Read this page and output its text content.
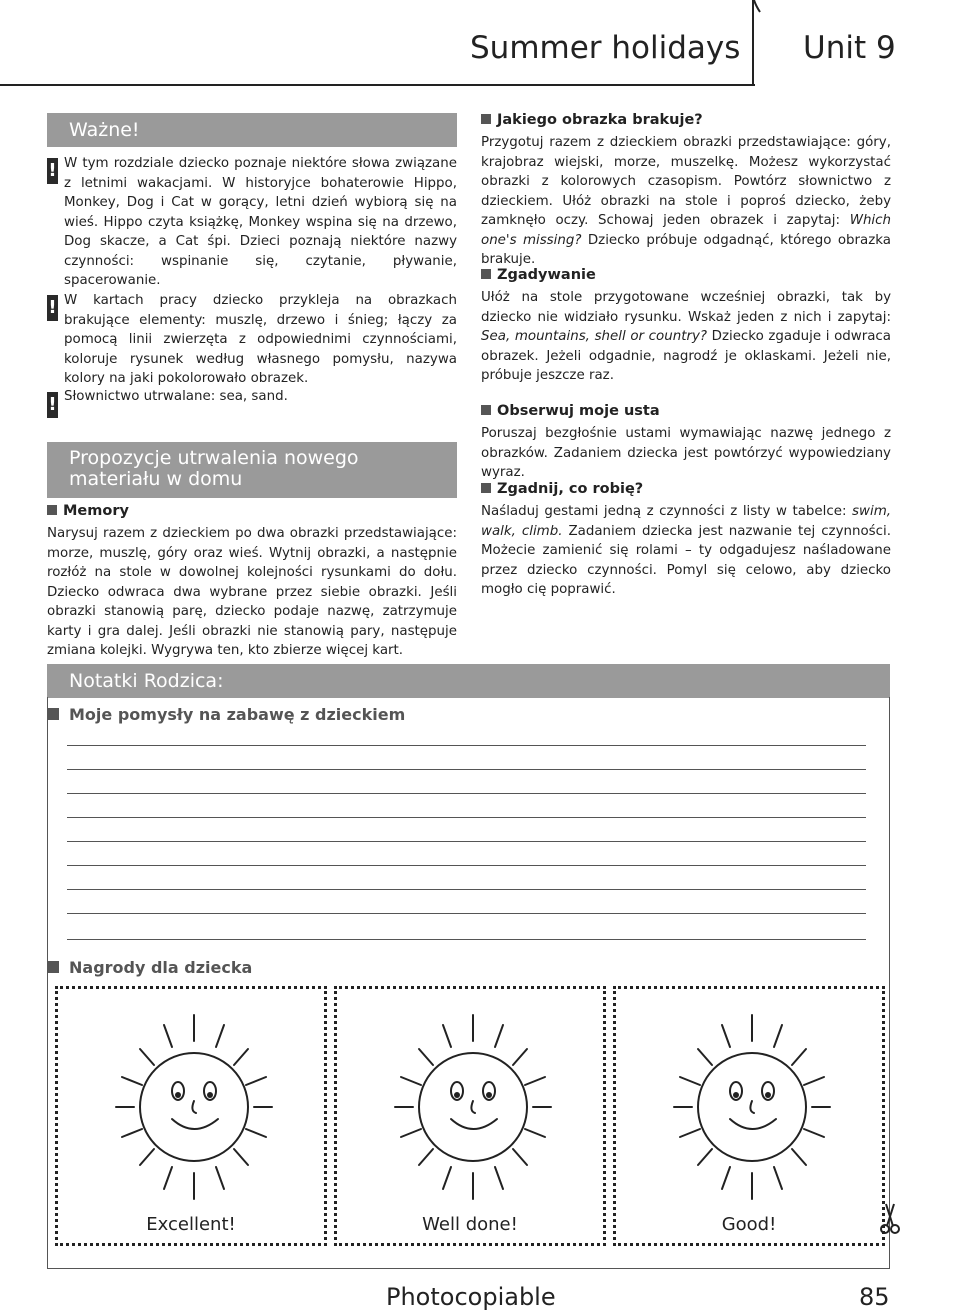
Summer holidays Unit 9
Ważne!
! W tym rozdziale dziecko poznaje niektóre słowa związane z letnimi wakacjami. W historyjce bohaterowie Hippo, Monkey, Dog i Cat w gorący, letni dzień wybiorą się na wieś. Hippo czyta książkę, Monkey wspina się na drzewo, Dog skacze, a Cat śpi. Dzieci poznają niektóre nazwy czynności: wspinanie się, czytanie, pływanie, spacerowanie.
! W kartach pracy dziecko przykleja na obrazkach brakujące elementy: muszlę, drzewo i śnieg; łączy za pomocą linii zwierzęta z odpowiednimi czynnościami, koloruje rysunek według własnego pomysłu, nazywa kolory na jaki pokolorowało obrazek.
! Słownictwo utrwalane: sea, sand.
Propozycje utrwalenia nowego
materiału w domu
Memory
Narysuj razem z dzieckiem po dwa obrazki przedstawiające: morze, muszlę, góry oraz wieś. Wytnij obrazki, a następnie rozłóż na stole w dowolnej kolejności rysunkami do dołu. Dziecko odwraca dwa wybrane przez siebie obrazki. Jeśli obrazki stanowią parę, dziecko podaje nazwę, zatrzymuje karty i gra dalej. Jeśli obrazki nie stanowią pary, następuje zmiana kolejki. Wygrywa ten, kto zbierze więcej kart.
Jakiego obrazka brakuje?
Przygotuj razem z dzieckiem obrazki przedstawiające: góry, krajobraz wiejski, morze, muszelkę. Możesz wykorzystać obrazki z kolorowych czasopism. Powtórz słownictwo z dzieckiem. Ułóż obrazki na stole i poproś dziecko, żeby zamknęło oczy. Schowaj jeden obrazek i zapytaj: Which one's missing? Dziecko próbuje odgadnąć, którego obrazka brakuje.
Zgadywanie
Ułóż na stole przygotowane wcześniej obrazki, tak by dziecko nie widziało rysunku. Wskaż jeden z nich i zapytaj: Sea, mountains, shell or country? Dziecko zgaduje i odwraca obrazek. Jeżeli odgadnie, nagrodź je oklaskami. Jeżeli nie, próbuje jeszcze raz.
Obserwuj moje usta
Poruszaj bezgłośnie ustami wymawiając nazwę jednego z obrazków. Zadaniem dziecka jest powtórzyć wypowiedziany wyraz.
Zgadnij, co robię?
Naśladuj gestami jedną z czynności z listy w tabelce: swim, walk, climb. Zadaniem dziecka jest nazwanie tej czynności. Możecie zamienić się rolami – ty odgadujesz naśladowane przez dziecko czynności. Pomyl się celowo, aby dziecko mogło cię poprawić.
Notatki Rodzica:
Moje pomysły na zabawę z dzieckiem
Nagrody dla dziecka
Excellent!	Well done!	Good!
Photocopiable	85
